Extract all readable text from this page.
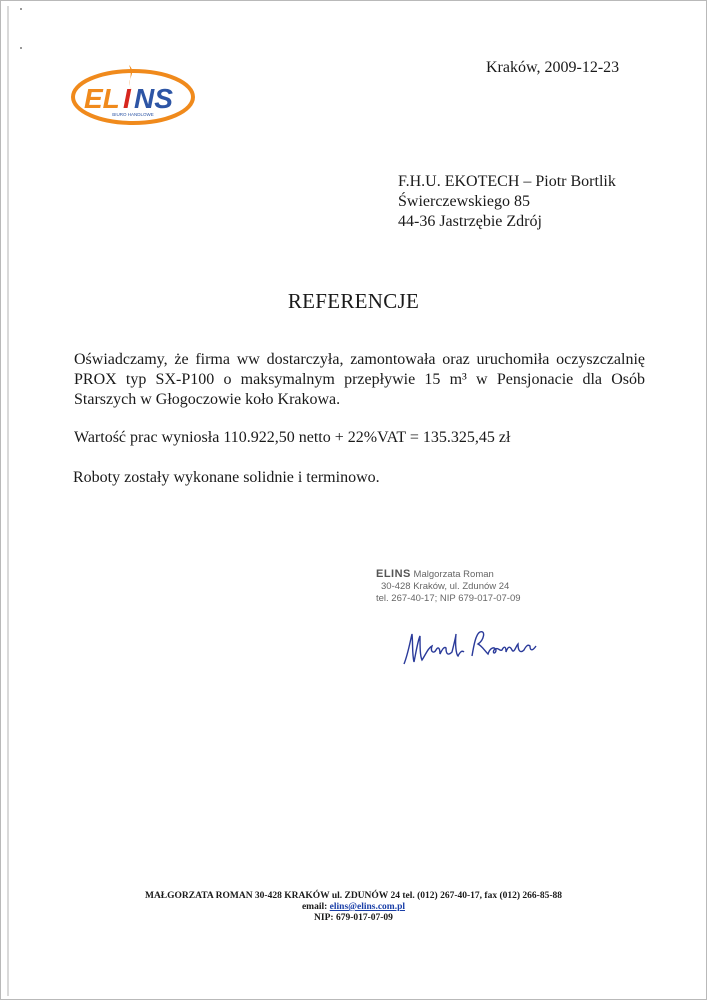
EL I NS
BIURO HANDLOWE
Kraków, 2009-12-23
F.H.U. EKOTECH – Piotr Bortlik
Świerczewskiego 85
44-36 Jastrzębie Zdrój
REFERENCJE
Oświadczamy, że firma ww dostarczyła, zamontowała oraz uruchomiła oczyszczalnię
PROX typ SX-P100 o maksymalnym przepływie 15 m³ w Pensjonacie dla Osób
Starszych w Głogoczowie koło Krakowa.
Wartość prac wyniosła 110.922,50 netto + 22%VAT = 135.325,45 zł
Roboty zostały wykonane solidnie i terminowo.
ELINS Malgorzata Roman
30-428 Kraków, ul. Zdunów 24
tel. 267-40-17; NIP 679-017-07-09
MAŁGORZATA ROMAN 30-428 KRAKÓW ul. ZDUNÓW 24 tel. (012) 267-40-17, fax (012) 266-85-88
email: elins@elins.com.pl
NIP: 679-017-07-09
